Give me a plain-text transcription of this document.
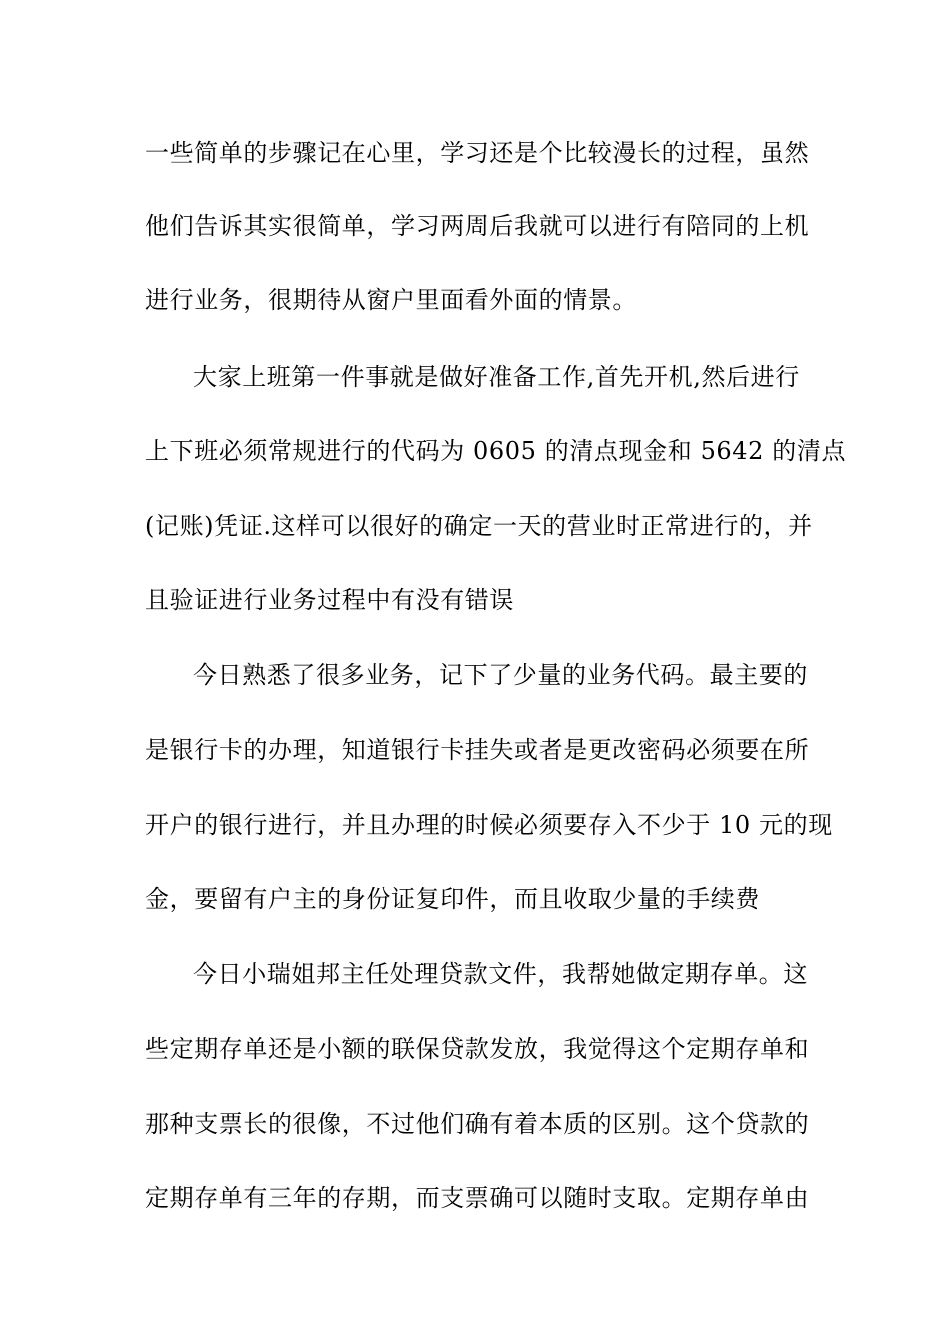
一些简单的步骤记在心里，学习还是个比较漫长的过程，虽然
他们告诉其实很简单，学习两周后我就可以进行有陪同的上机
进行业务，很期待从窗户里面看外面的情景。
大家上班第一件事就是做好准备工作,首先开机,然后进行
上下班必须常规进行的代码为 0605 的清点现金和 5642 的清点
(记账)凭证.这样可以很好的确定一天的营业时正常进行的，并
且验证进行业务过程中有没有错误
今日熟悉了很多业务，记下了少量的业务代码。最主要的
是银行卡的办理，知道银行卡挂失或者是更改密码必须要在所
开户的银行进行，并且办理的时候必须要存入不少于 10 元的现
金，要留有户主的身份证复印件，而且收取少量的手续费
今日小瑞姐邦主任处理贷款文件，我帮她做定期存单。这
些定期存单还是小额的联保贷款发放，我觉得这个定期存单和
那种支票长的很像，不过他们确有着本质的区别。这个贷款的
定期存单有三年的存期，而支票确可以随时支取。定期存单由
